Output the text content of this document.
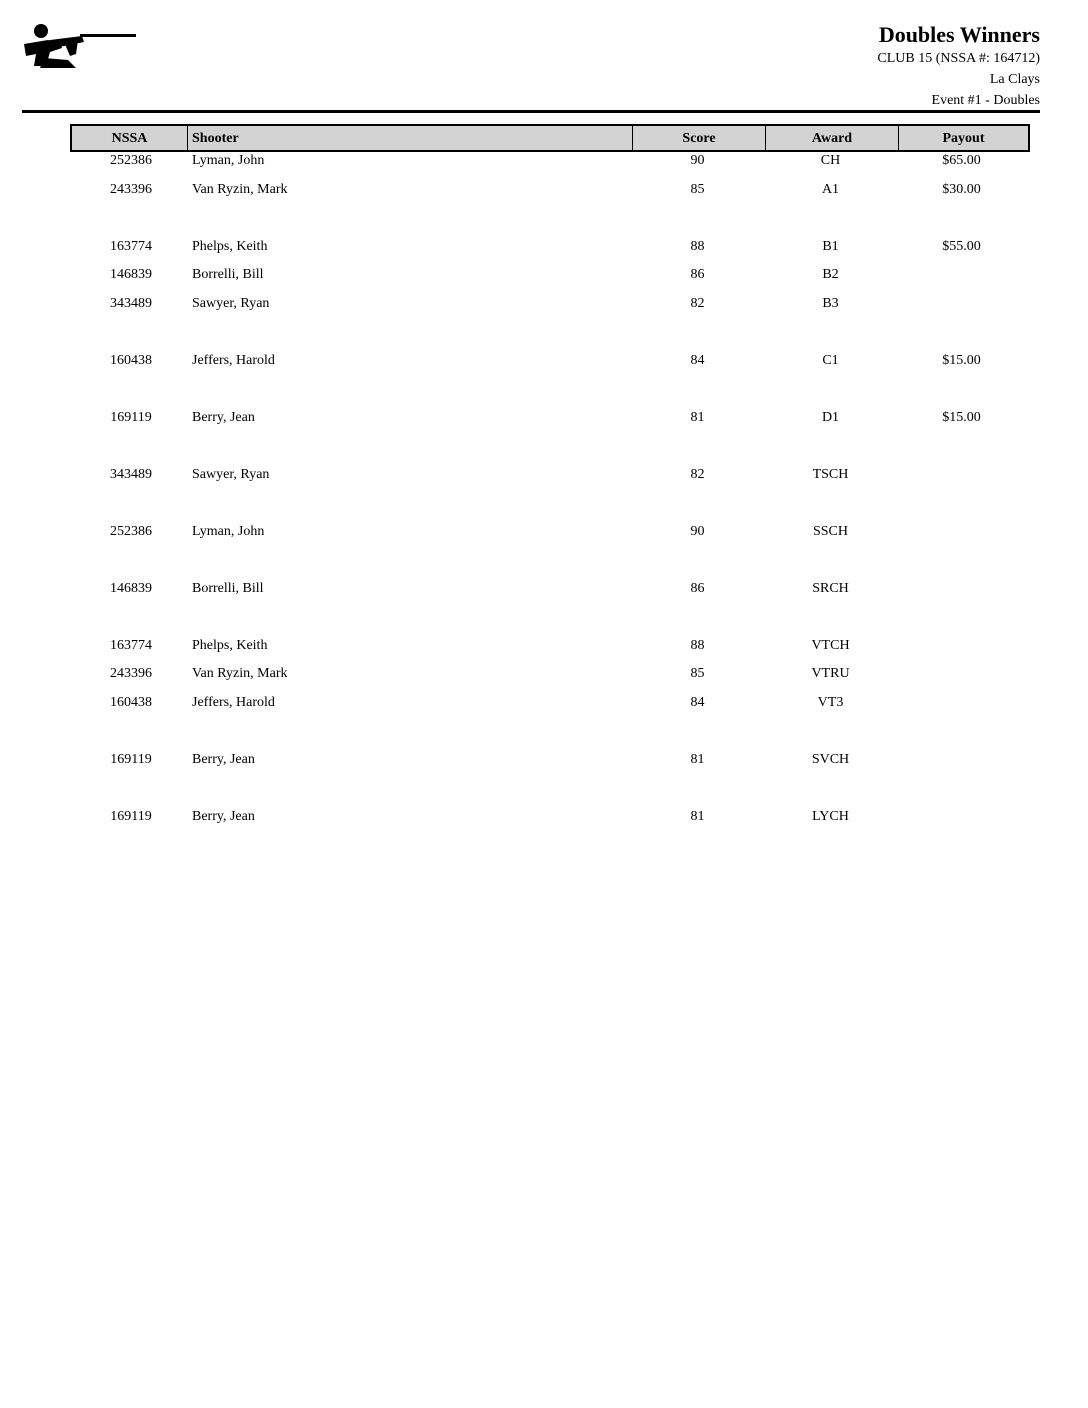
Doubles Winners
CLUB 15 (NSSA #: 164712)
La Clays
Event #1 - Doubles
NSSA	Shooter	Score	Award	Payout
252386	Lyman, John	90	CH	$65.00
243396	Van Ryzin, Mark	85	A1	$30.00
163774	Phelps, Keith	88	B1	$55.00
146839	Borrelli, Bill	86	B2
343489	Sawyer, Ryan	82	B3
160438	Jeffers, Harold	84	C1	$15.00
169119	Berry, Jean	81	D1	$15.00
343489	Sawyer, Ryan	82	TSCH
252386	Lyman, John	90	SSCH
146839	Borrelli, Bill	86	SRCH
163774	Phelps, Keith	88	VTCH
243396	Van Ryzin, Mark	85	VTRU
160438	Jeffers, Harold	84	VT3
169119	Berry, Jean	81	SVCH
169119	Berry, Jean	81	LYCH
